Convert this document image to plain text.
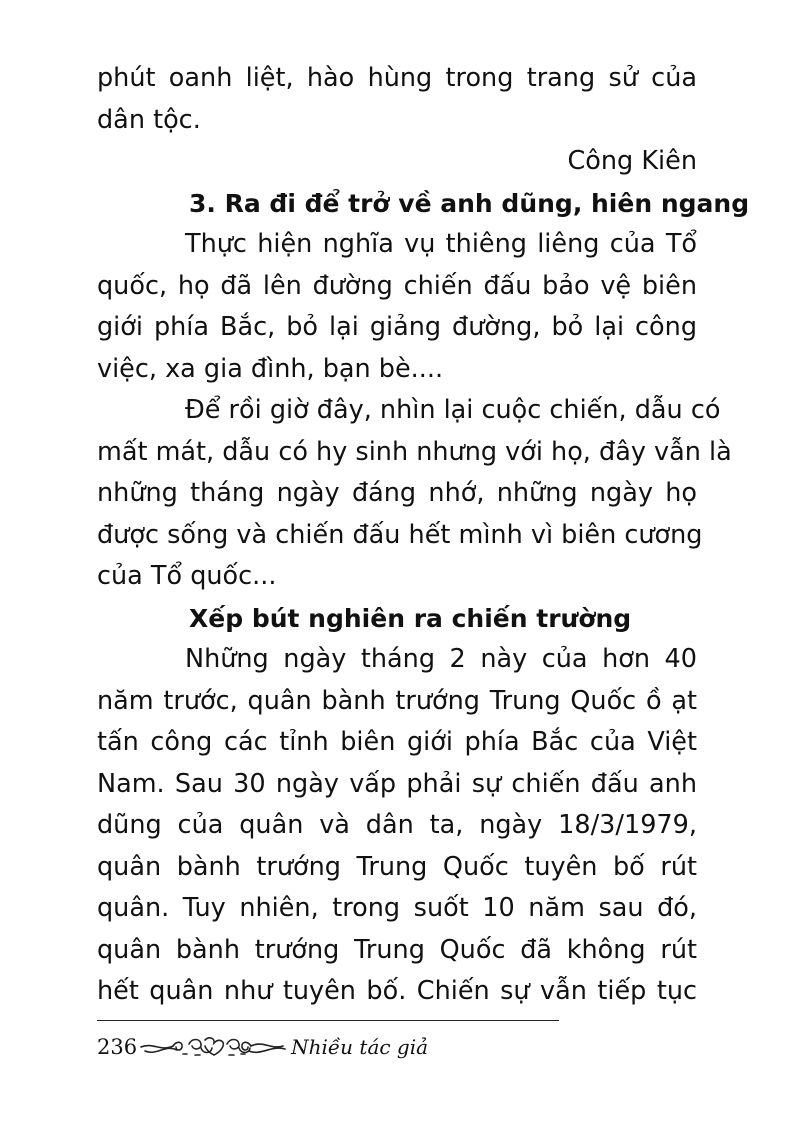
phút oanh liệt, hào hùng trong trang sử của
dân tộc.

Công Kiên

3. Ra đi để trở về anh dũng, hiên ngang

Thực hiện nghĩa vụ thiêng liêng của Tổ
quốc, họ đã lên đường chiến đấu bảo vệ biên
giới phía Bắc, bỏ lại giảng đường, bỏ lại công
việc, xa gia đình, bạn bè....

Để rồi giờ đây, nhìn lại cuộc chiến, dẫu có
mất mát, dẫu có hy sinh nhưng với họ, đây vẫn là
những tháng ngày đáng nhớ, những ngày họ
được sống và chiến đấu hết mình vì biên cương
của Tổ quốc...

Xếp bút nghiên ra chiến trường

Những ngày tháng 2 này của hơn 40
năm trước, quân bành trướng Trung Quốc ồ ạt
tấn công các tỉnh biên giới phía Bắc của Việt
Nam. Sau 30 ngày vấp phải sự chiến đấu anh
dũng của quân và dân ta, ngày 18/3/1979,
quân bành trướng Trung Quốc tuyên bố rút
quân. Tuy nhiên, trong suốt 10 năm sau đó,
quân bành trướng Trung Quốc đã không rút
hết quân như tuyên bố. Chiến sự vẫn tiếp tục

236	Nhiều tác giả
